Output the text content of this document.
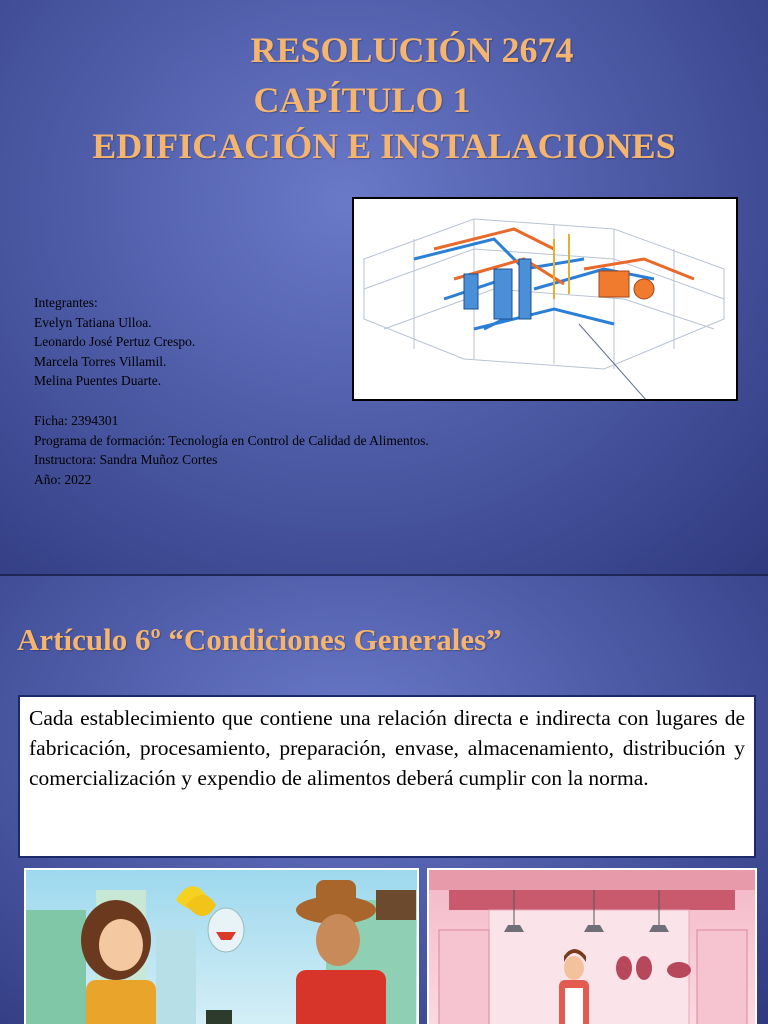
RESOLUCIÓN 2674
CAPÍTULO 1
EDIFICACIÓN E INSTALACIONES
Integrantes:
Evelyn Tatiana Ulloa.
Leonardo José Pertuz Crespo.
Marcela Torres Villamil.
Melina Puentes Duarte.
Ficha: 2394301
Programa de formación: Tecnología en Control de Calidad de Alimentos.
Instructora: Sandra Muñoz Cortes
Año: 2022
Artículo 6º “Condiciones Generales”
Cada establecimiento que contiene una relación directa e indirecta con lugares de fabricación, procesamiento, preparación, envase, almacenamiento, distribución y comercialización y expendio de alimentos deberá cumplir con la norma.
